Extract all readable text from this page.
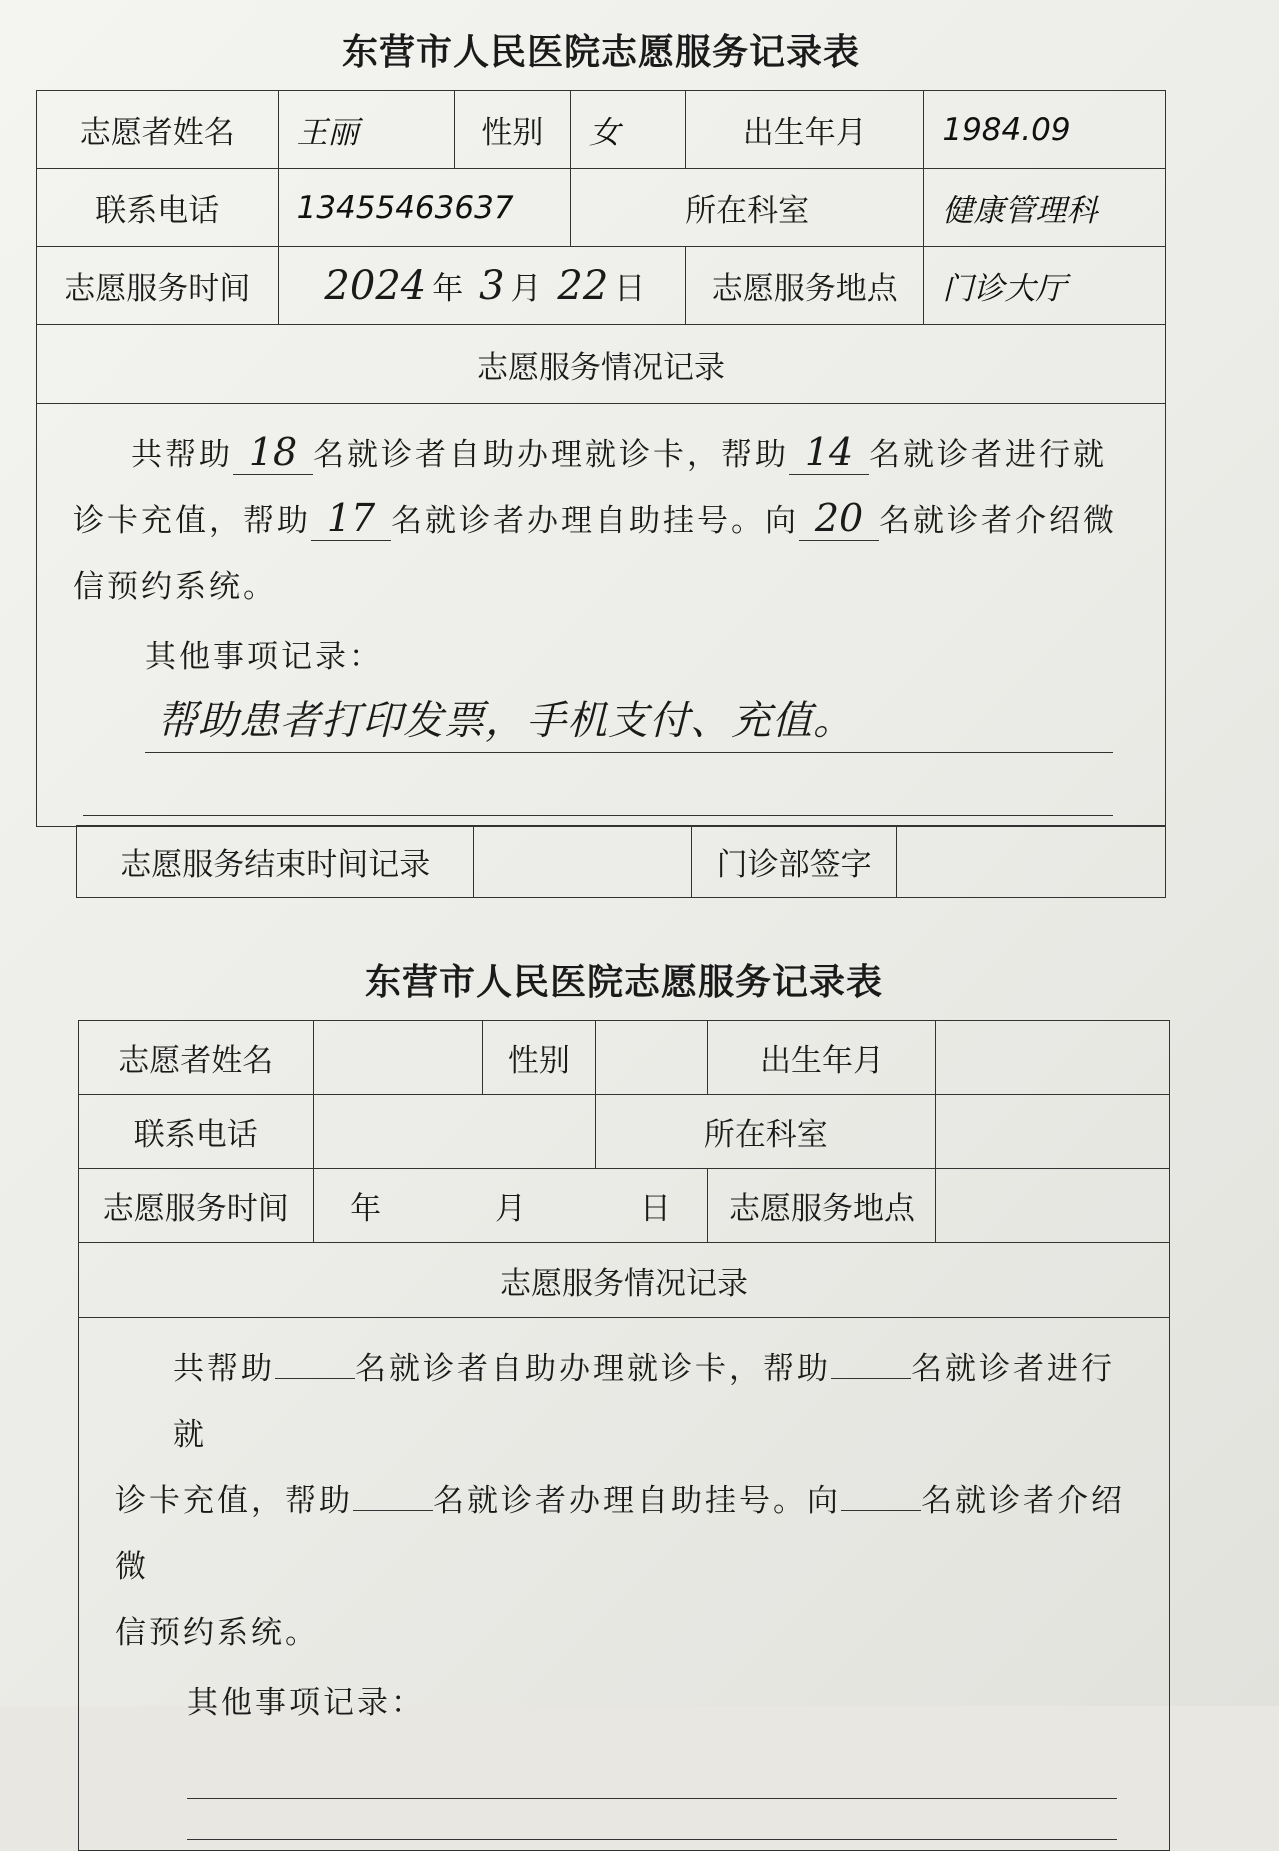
东营市人民医院志愿服务记录表
志愿者姓名	王丽	性别	女	出生年月	1984.09
联系电话	13455463637		所在科室		健康管理科
志愿服务时间	2024 年 3 月 22 日			志愿服务地点	门诊大厅
志愿服务情况记录					

共帮助 18 名就诊者自助办理就诊卡，帮助 14 名就诊者进行就

诊卡充值，帮助 17 名就诊者办理自助挂号。向 20 名就诊者介绍微

信预约系统。

其他事项记录：

帮助患者打印发票，手机支付、充值。					
志愿服务结束时间记录		门诊部签字	
东营市人民医院志愿服务记录表
志愿者姓名		性别		出生年月	
联系电话			所在科室		
志愿服务时间	年 月 日			志愿服务地点	
志愿服务情况记录					

共帮助 名就诊者自助办理就诊卡，帮助 名就诊者进行就

诊卡充值，帮助 名就诊者办理自助挂号。向 名就诊者介绍微

信预约系统。

其他事项记录：					
